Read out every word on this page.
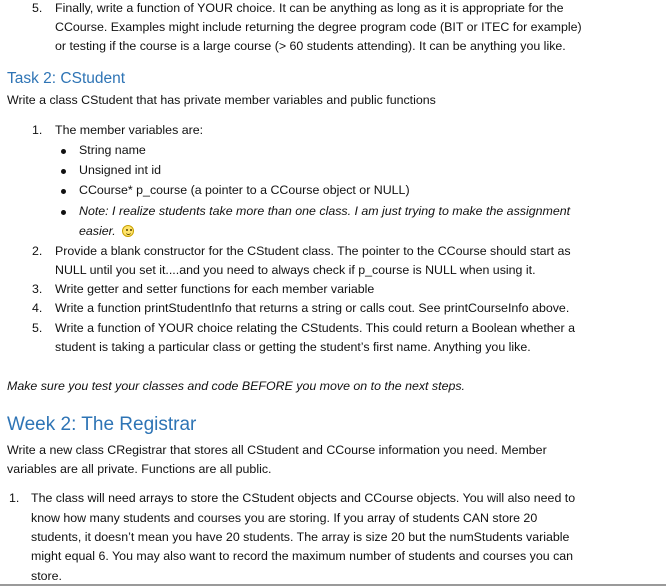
5. Finally, write a function of YOUR choice. It can be anything as long as it is appropriate for the
CCourse. Examples might include returning the degree program code (BIT or ITEC for example)
or testing if the course is a large course (> 60 students attending). It can be anything you like.
Task 2: CStudent
Write a class CStudent that has private member variables and public functions
1. The member variables are:
String name
Unsigned int id
CCourse* p_course (a pointer to a CCourse object or NULL)
Note: I realize students take more than one class. I am just trying to make the assignment
easier.
2. Provide a blank constructor for the CStudent class. The pointer to the CCourse should start as
NULL until you set it....and you need to always check if p_course is NULL when using it.
3. Write getter and setter functions for each member variable
4. Write a function printStudentInfo that returns a string or calls cout. See printCourseInfo above.
5. Write a function of YOUR choice relating the CStudents. This could return a Boolean whether a
student is taking a particular class or getting the student’s first name. Anything you like.
Make sure you test your classes and code BEFORE you move on to the next steps.
Week 2: The Registrar
Write a new class CRegistrar that stores all CStudent and CCourse information you need. Member
variables are all private. Functions are all public.
1. The class will need arrays to store the CStudent objects and CCourse objects. You will also need to
know how many students and courses you are storing. If you array of students CAN store 20
students, it doesn’t mean you have 20 students. The array is size 20 but the numStudents variable
might equal 6. You may also want to record the maximum number of students and courses you can
store.
